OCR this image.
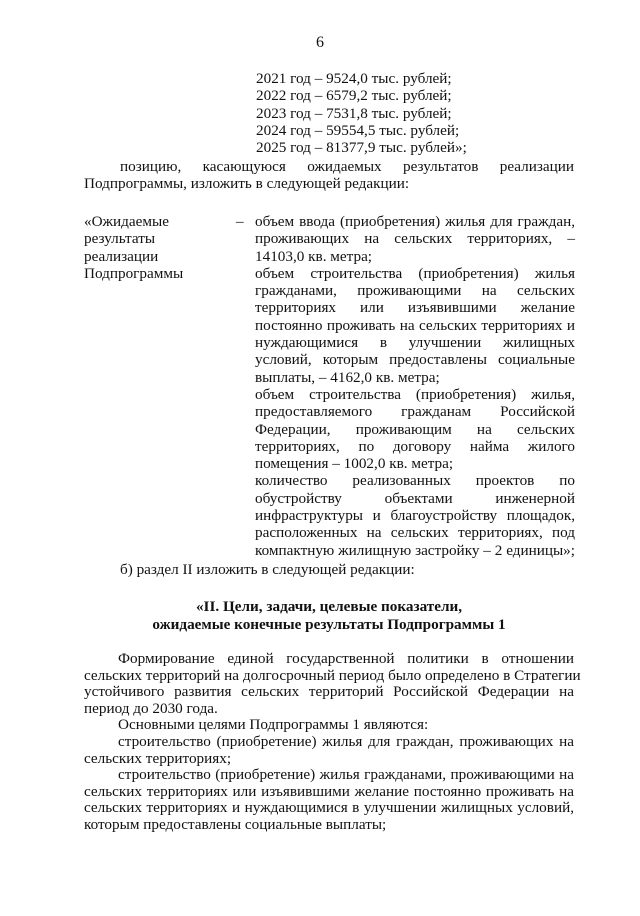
6
2021 год – 9524,0 тыс. рублей;
2022 год – 6579,2 тыс. рублей;
2023 год – 7531,8 тыс. рублей;
2024 год – 59554,5 тыс. рублей;
2025 год – 81377,9 тыс. рублей»;
позицию, касающуюся ожидаемых результатов реализации
Подпрограммы, изложить в следующей редакции:
«Ожидаемые
результаты
реализации
Подпрограммы
– объем ввода (приобретения) жилья для граждан,
проживающих на сельских территориях, –
14103,0 кв. метра;
объем строительства (приобретения) жилья
гражданами, проживающими на сельских
территориях или изъявившими желание
постоянно проживать на сельских территориях и
нуждающимися в улучшении жилищных
условий, которым предоставлены социальные
выплаты, – 4162,0 кв. метра;
объем строительства (приобретения) жилья,
предоставляемого гражданам Российской
Федерации, проживающим на сельских
территориях, по договору найма жилого
помещения – 1002,0 кв. метра;
количество реализованных проектов по
обустройству объектами инженерной
инфраструктуры и благоустройству площадок,
расположенных на сельских территориях, под
компактную жилищную застройку – 2 единицы»;
б) раздел II изложить в следующей редакции:
«II. Цели, задачи, целевые показатели,
ожидаемые конечные результаты Подпрограммы 1
Формирование единой государственной политики в отношении
сельских территорий на долгосрочный период было определено в Стратегии
устойчивого развития сельских территорий Российской Федерации на
период до 2030 года.
Основными целями Подпрограммы 1 являются:
строительство (приобретение) жилья для граждан, проживающих на
сельских территориях;
строительство (приобретение) жилья гражданами, проживающими на
сельских территориях или изъявившими желание постоянно проживать на
сельских территориях и нуждающимися в улучшении жилищных условий,
которым предоставлены социальные выплаты;
